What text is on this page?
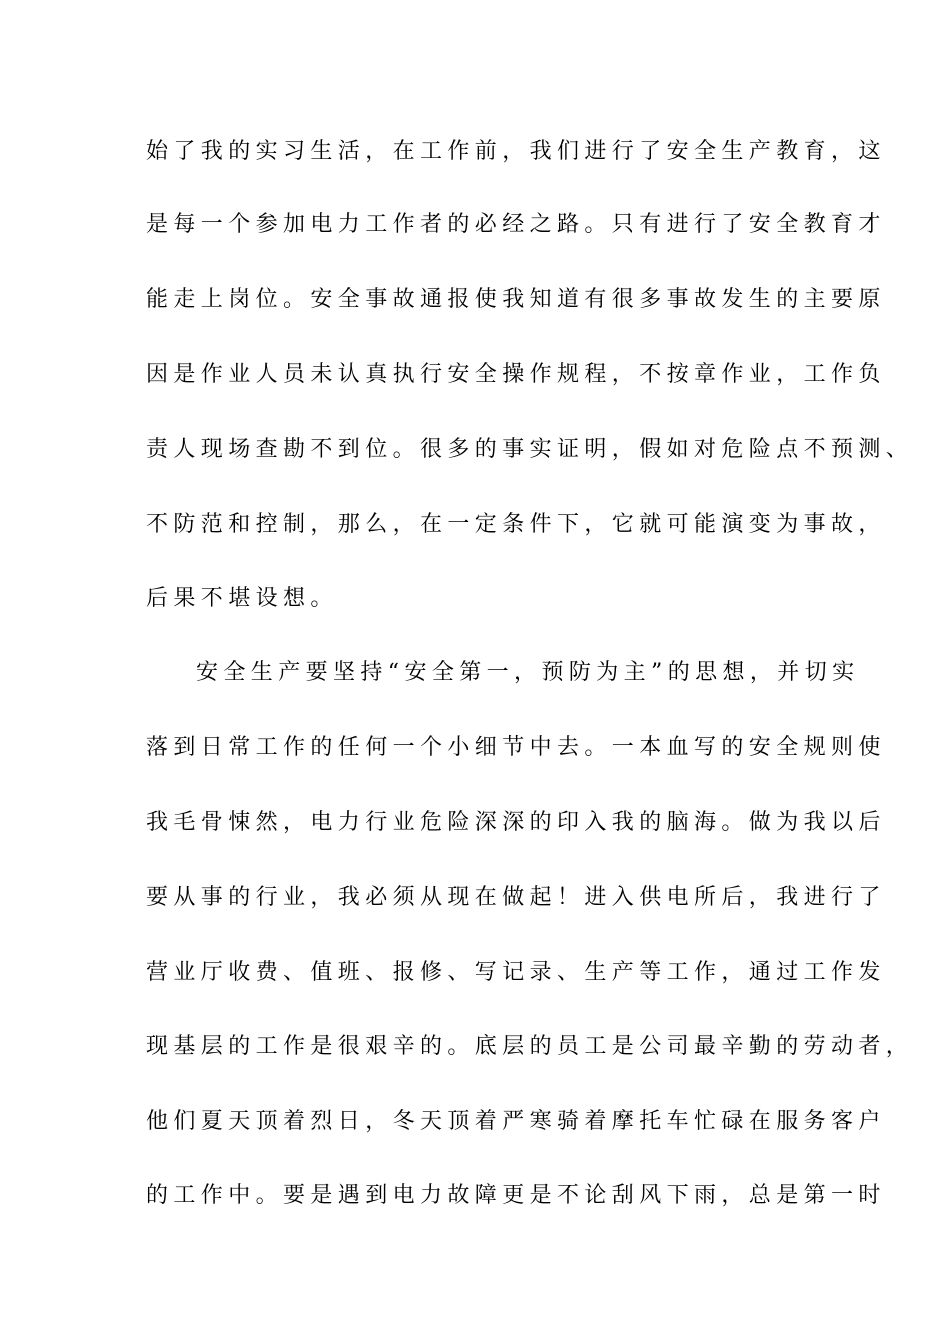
始了我的实习生活，在工作前，我们进行了安全生产教育，这
是每一个参加电力工作者的必经之路。只有进行了安全教育才
能走上岗位。安全事故通报使我知道有很多事故发生的主要原
因是作业人员未认真执行安全操作规程，不按章作业，工作负
责人现场查勘不到位。很多的事实证明，假如对危险点不预测、
不防范和控制，那么，在一定条件下，它就可能演变为事故，
后果不堪设想。
安全生产要坚持“安全第一，预防为主”的思想，并切实
落到日常工作的任何一个小细节中去。一本血写的安全规则使
我毛骨悚然，电力行业危险深深的印入我的脑海。做为我以后
要从事的行业，我必须从现在做起！进入供电所后，我进行了
营业厅收费、值班、报修、写记录、生产等工作，通过工作发
现基层的工作是很艰辛的。底层的员工是公司最辛勤的劳动者，
他们夏天顶着烈日，冬天顶着严寒骑着摩托车忙碌在服务客户
的工作中。要是遇到电力故障更是不论刮风下雨，总是第一时
